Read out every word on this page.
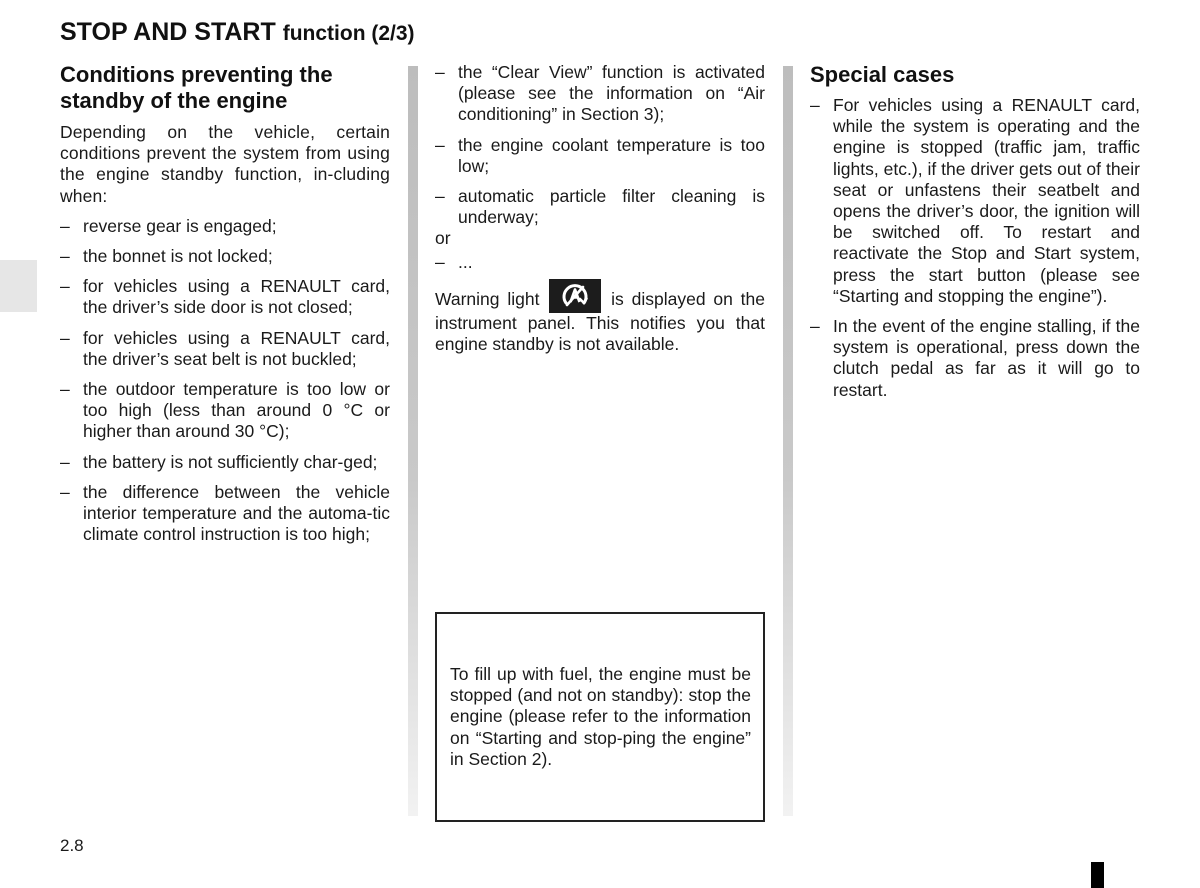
STOP AND START function (2/3)
Conditions preventing the standby of the engine

Depending on the vehicle, certain conditions prevent the system from using the engine standby function, in-cluding when:

– reverse gear is engaged;
– the bonnet is not locked;
– for vehicles using a RENAULT card, the driver’s side door is not closed;
– for vehicles using a RENAULT card, the driver’s seat belt is not buckled;
– the outdoor temperature is too low or too high (less than around 0 °C or higher than around 30 °C);
– the battery is not sufficiently char-ged;
– the difference between the vehicle interior temperature and the automa-tic climate control instruction is too high;
– the “Clear View” function is activated (please see the information on “Air conditioning” in Section 3);
– the engine coolant temperature is too low;
– automatic particle filter cleaning is underway;
or
– ...

Warning light	is displayed on the instrument panel. This notifies you that engine standby is not available.

To fill up with fuel, the engine must be stopped (and not on standby): stop the engine (please refer to the information on “Starting and stop-ping the engine” in Section 2).

Special cases
– For vehicles using a RENAULT card, while the system is operating and the engine is stopped (traffic jam, traffic lights, etc.), if the driver gets out of their seat or unfastens their seatbelt and opens the driver’s door, the ignition will be switched off. To restart and reactivate the Stop and Start system, press the start button (please see “Starting and stopping the engine”).
– In the event of the engine stalling, if the system is operational, press down the clutch pedal as far as it will go to restart.
2.8
